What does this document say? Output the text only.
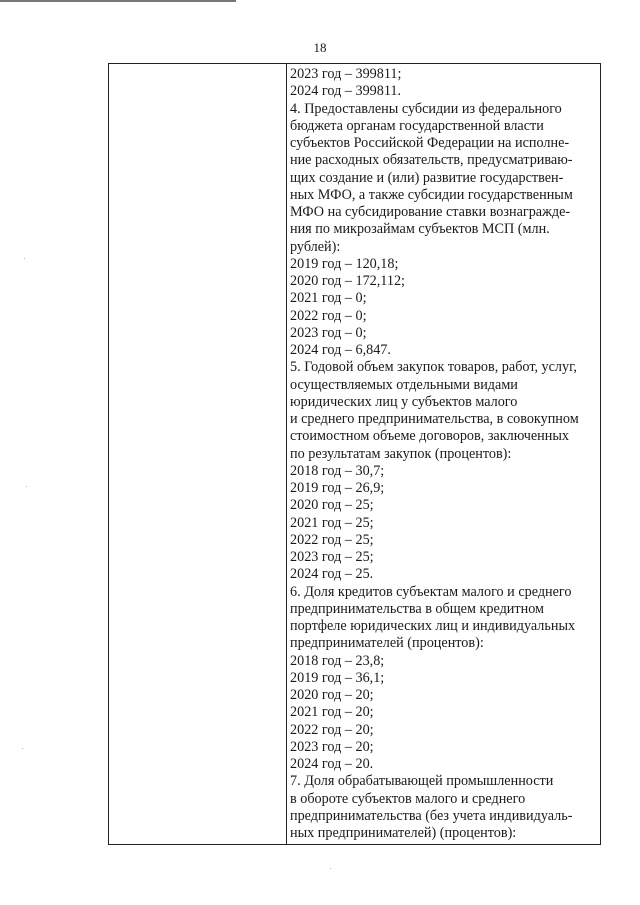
18
2023 год – 399811;
2024 год – 399811.
4. Предоставлены субсидии из федерального
бюджета органам государственной власти
субъектов Российской Федерации на исполне-
ние расходных обязательств, предусматриваю-
щих создание и (или) развитие государствен-
ных МФО, а также субсидии государственным
МФО на субсидирование ставки вознагражде-
ния по микрозаймам субъектов МСП (млн.
рублей):
2019 год – 120,18;
2020 год – 172,112;
2021 год – 0;
2022 год – 0;
2023 год – 0;
2024 год – 6,847.
5. Годовой объем закупок товаров, работ, услуг,
осуществляемых отдельными видами
юридических лиц у субъектов малого
и среднего предпринимательства, в совокупном
стоимостном объеме договоров, заключенных
по результатам закупок (процентов):
2018 год – 30,7;
2019 год – 26,9;
2020 год – 25;
2021 год – 25;
2022 год – 25;
2023 год – 25;
2024 год – 25.
6. Доля кредитов субъектам малого и среднего
предпринимательства в общем кредитном
портфеле юридических лиц и индивидуальных
предпринимателей (процентов):
2018 год – 23,8;
2019 год – 36,1;
2020 год – 20;
2021 год – 20;
2022 год – 20;
2023 год – 20;
2024 год – 20.
7. Доля обрабатывающей промышленности
в обороте субъектов малого и среднего
предпринимательства (без учета индивидуаль-
ных предпринимателей) (процентов):
